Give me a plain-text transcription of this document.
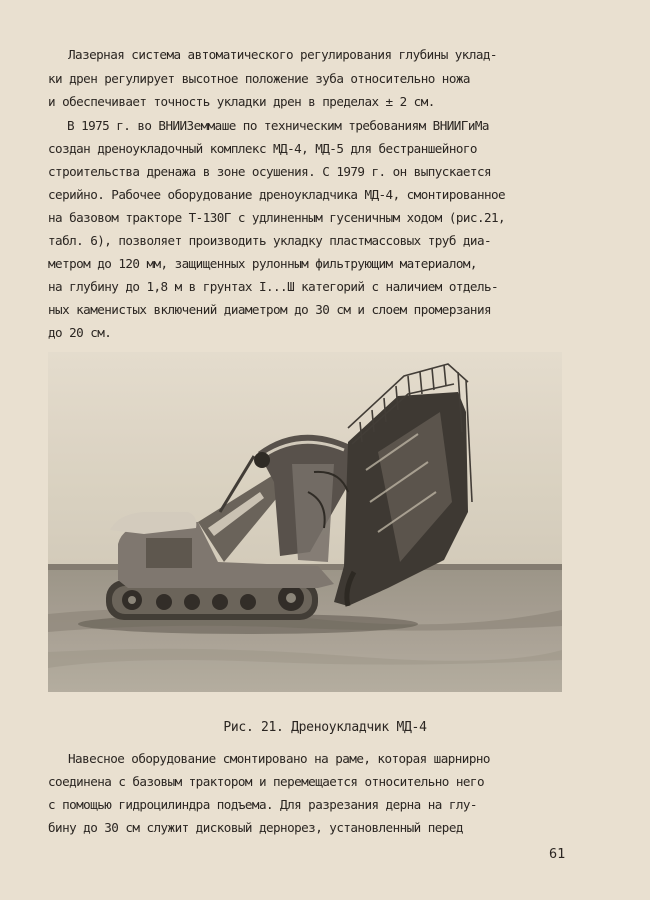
Лазерная система автоматического регулирования глубины уклад-
ки дрен регулирует высотное положение зуба относительно ножа
и обеспечивает точность укладки дрен в пределах ± 2 см.
В 1975 г. во ВНИИЗеммаше по техническим требованиям ВНИИГиМа
создан дреноукладочный комплекс МД-4, МД-5 для бестраншейного
строительства дренажа в зоне осушения. С 1979 г. он выпускается
серийно. Рабочее оборудование дреноукладчика МД-4, смонтированное
на базовом тракторе Т-130Г с удлиненным гусеничным ходом (рис.21,
табл. 6), позволяет производить укладку пластмассовых труб диа-
метром до 120 мм, защищенных рулонным фильтрующим материалом,
на глубину до 1,8 м в грунтах I...Ш категорий с наличием отдель-
ных каменистых включений диаметром до 30 см и слоем промерзания
до 20 см.
Рис. 21. Дреноукладчик МД-4
Навесное оборудование смонтировано на раме, которая шарнирно
соединена с базовым трактором и перемещается относительно него
с помощью гидроцилиндра подъема. Для разрезания дерна на глу-
бину до 30 см служит дисковый дернорез, установленный перед
61
